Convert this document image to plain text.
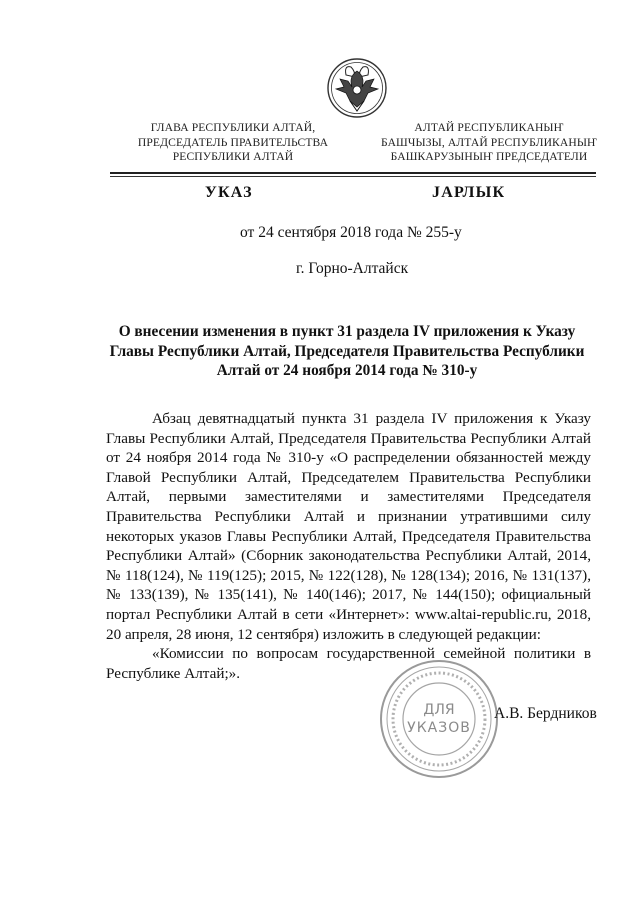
ГЛАВА РЕСПУБЛИКИ АЛТАЙ,
ПРЕДСЕДАТЕЛЬ ПРАВИТЕЛЬСТВА
РЕСПУБЛИКИ АЛТАЙ
АЛТАЙ РЕСПУБЛИКАНЫҤ
БАШЧЫЗЫ, АЛТАЙ РЕСПУБЛИКАНЫҤ
БАШКАРУЗЫНЫҤ ПРЕДСЕДАТЕЛИ
УКАЗ	JАРЛЫК
от 24 сентября 2018 года № 255-у
г. Горно-Алтайск
О внесении изменения в пункт 31 раздела IV приложения к Указу Главы Республики Алтай, Председателя Правительства Республики Алтай от 24 ноября 2014 года № 310-у

Абзац девятнадцатый пункта 31 раздела IV приложения к Указу Главы Республики Алтай, Председателя Правительства Республики Алтай от 24 ноября 2014 года № 310-у «О распределении обязанностей между Главой Республики Алтай, Председателем Правительства Республики Алтай, первыми заместителями и заместителями Председателя Правительства Республики Алтай и признании утратившими силу некоторых указов Главы Республики Алтай, Председателя Правительства Республики Алтай» (Сборник законодательства Республики Алтай, 2014, № 118(124), № 119(125); 2015, № 122(128), № 128(134); 2016, № 131(137), № 133(139), № 135(141), № 140(146); 2017, № 144(150); официальный портал Республики Алтай в сети «Интернет»: www.altai-republic.ru, 2018, 20 апреля, 28 июня, 12 сентября) изложить в следующей редакции:

«Комиссии по вопросам государственной семейной политики в Республике Алтай;».

ДЛЯ
УКАЗОВ
А.В. Бердников
